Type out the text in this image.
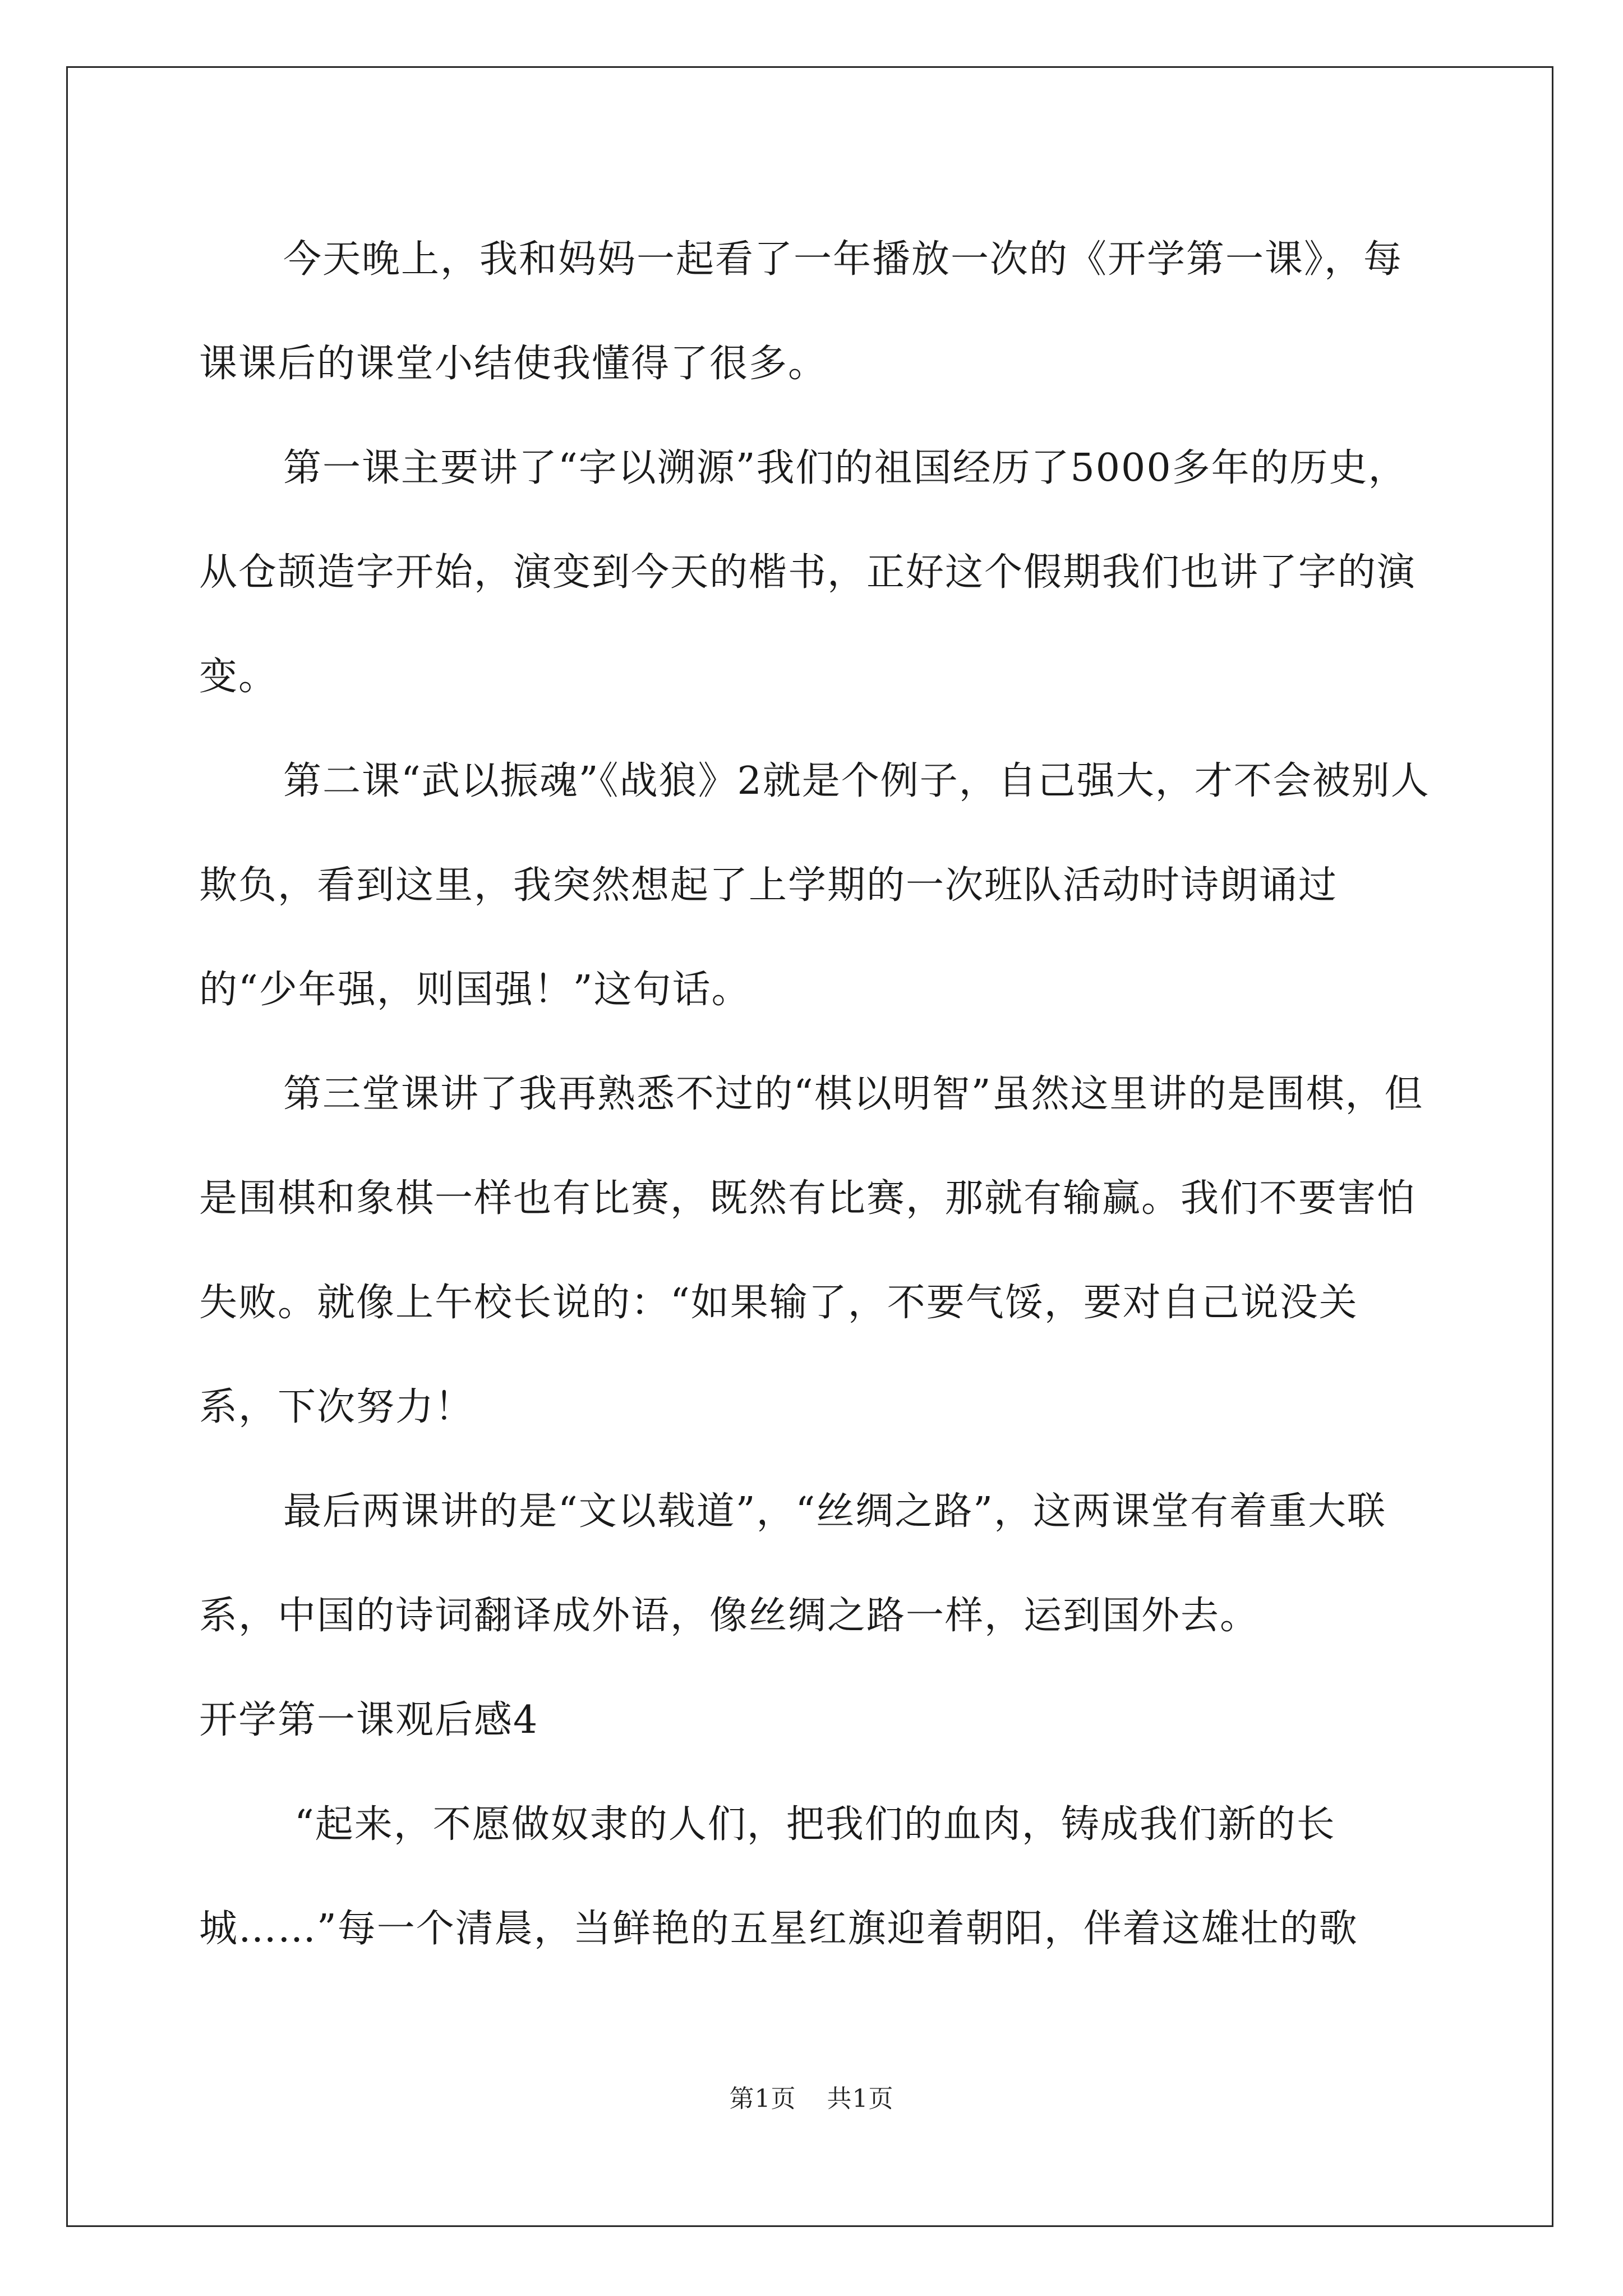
今天晚上，我和妈妈一起看了一年播放一次的《开学第一课》，每课课后的课堂小结使我懂得了很多。

第一课主要讲了“字以溯源”我们的祖国经历了5000多年的历史，从仓颉造字开始，演变到今天的楷书，正好这个假期我们也讲了字的演变。

第二课“武以振魂”《战狼》2就是个例子，自己强大，才不会被别人欺负，看到这里，我突然想起了上学期的一次班队活动时诗朗诵过的“少年强，则国强！”这句话。

第三堂课讲了我再熟悉不过的“棋以明智”虽然这里讲的是围棋，但是围棋和象棋一样也有比赛，既然有比赛，那就有输赢。我们不要害怕失败。就像上午校长说的：“如果输了，不要气馁，要对自己说没关系，下次努力！

最后两课讲的是“文以载道”，“丝绸之路”，这两课堂有着重大联系，中国的诗词翻译成外语，像丝绸之路一样，运到国外去。

开学第一课观后感4

“起来，不愿做奴隶的人们，把我们的血肉，铸成我们新的长城……”每一个清晨，当鲜艳的五星红旗迎着朝阳，伴着这雄壮的歌

第1页 共1页
